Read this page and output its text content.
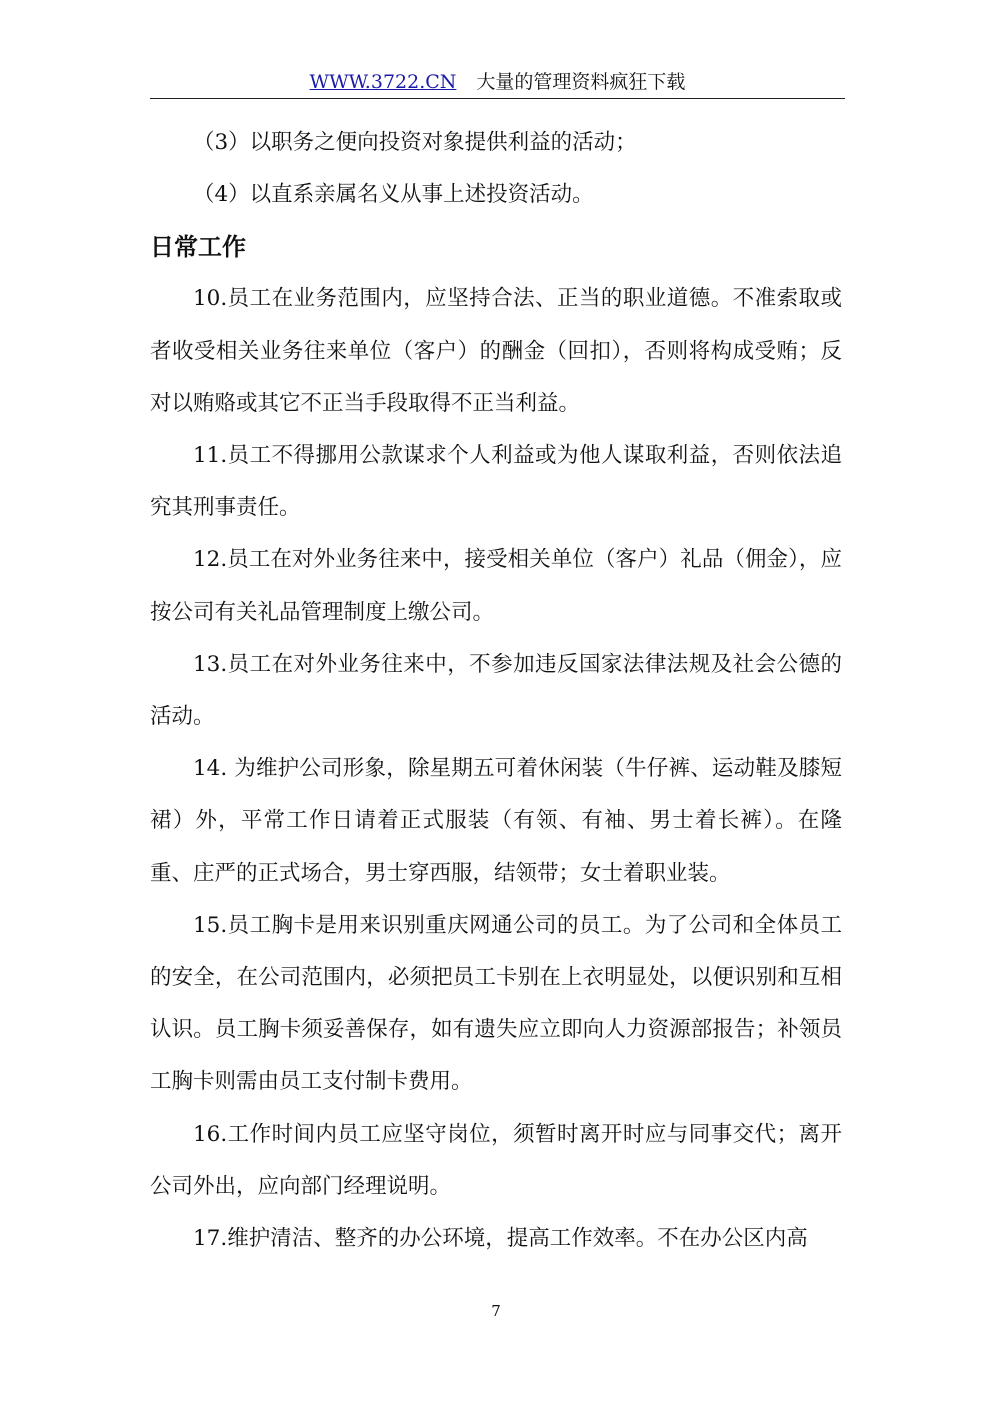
WWW.3722.CN 大量的管理资料疯狂下载

（3）以职务之便向投资对象提供利益的活动；

（4）以直系亲属名义从事上述投资活动。

日常工作

10.员工在业务范围内，应坚持合法、正当的职业道德。不准索取或者收受相关业务往来单位（客户）的酬金（回扣），否则将构成受贿；反对以贿赂或其它不正当手段取得不正当利益。

11.员工不得挪用公款谋求个人利益或为他人谋取利益，否则依法追究其刑事责任。

12.员工在对外业务往来中，接受相关单位（客户）礼品（佣金），应按公司有关礼品管理制度上缴公司。

13.员工在对外业务往来中，不参加违反国家法律法规及社会公德的活动。

14. 为维护公司形象，除星期五可着休闲装（牛仔裤、运动鞋及膝短裙）外，平常工作日请着正式服装（有领、有袖、男士着长裤）。在隆重、庄严的正式场合，男士穿西服，结领带；女士着职业装。

15.员工胸卡是用来识别重庆网通公司的员工。为了公司和全体员工的安全，在公司范围内，必须把员工卡别在上衣明显处，以便识别和互相认识。员工胸卡须妥善保存，如有遗失应立即向人力资源部报告；补领员工胸卡则需由员工支付制卡费用。

16.工作时间内员工应坚守岗位，须暂时离开时应与同事交代；离开公司外出，应向部门经理说明。

17.维护清洁、整齐的办公环境，提高工作效率。不在办公区内高

7
